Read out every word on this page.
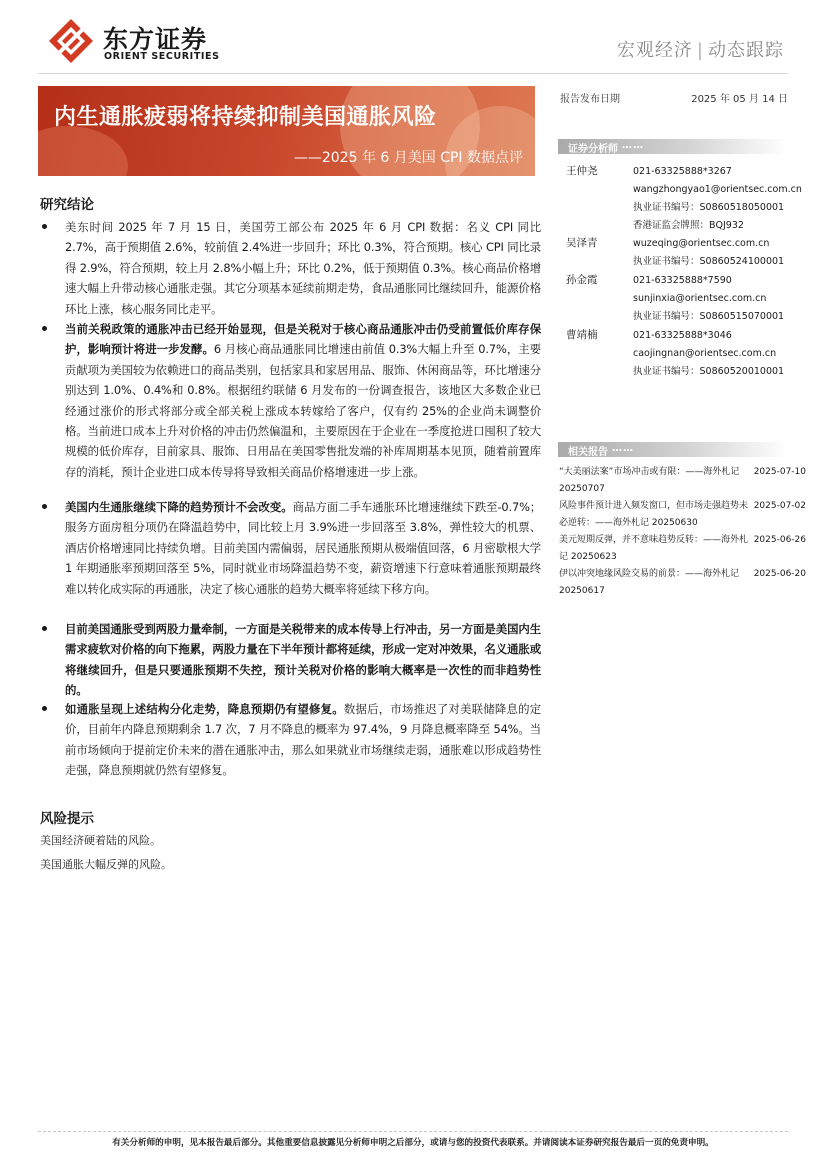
东方证券
ORIENT SECURITIES	宏观经济 | 动态跟踪
内生通胀疲弱将持续抑制美国通胀风险
——2025 年 6 月美国 CPI 数据点评
报告发布日期	2025 年 05 月 14 日
证券分析师 ……
王仲尧	021-63325888*3267
wangzhongyao1@orientsec.com.cn
执业证书编号：S0860518050001
香港证监会牌照：BQJ932
吴泽青	wuzeqing@orientsec.com.cn
执业证书编号：S0860524100001
孙金霞	021-63325888*7590
sunjinxia@orientsec.com.cn
执业证书编号：S0860515070001
曹靖楠	021-63325888*3046
caojingnan@orientsec.com.cn
执业证书编号：S0860520010001
相关报告 ……
“大美丽法案”市场冲击或有限：——海外札记 20250707
2025-07-10
风险事件预计进入频发窗口，但市场走强趋势未必逆转：——海外札记 20250630
2025-07-02
美元短期反弹，并不意味趋势反转：——海外札记 20250623
2025-06-26
伊以冲突地缘风险交易的前景：——海外札记 20250617
2025-06-20
研究结论
美东时间 2025 年 7 月 15 日，美国劳工部公布 2025 年 6 月 CPI 数据：名义 CPI 同比 2.7%，高于预期值 2.6%，较前值 2.4%进一步回升；环比 0.3%，符合预期。核心 CPI 同比录得 2.9%，符合预期，较上月 2.8%小幅上升；环比 0.2%，低于预期值 0.3%。核心商品价格增速大幅上升带动核心通胀走强。其它分项基本延续前期走势，食品通胀同比继续回升，能源价格环比上涨，核心服务同比走平。
当前关税政策的通胀冲击已经开始显现，但是关税对于核心商品通胀冲击仍受前置低价库存保护，影响预计将进一步发酵。6 月核心商品通胀同比增速由前值 0.3%大幅上升至 0.7%，主要贡献项为美国较为依赖进口的商品类别，包括家具和家居用品、服饰、休闲商品等，环比增速分别达到 1.0%、0.4%和 0.8%。根据纽约联储 6 月发布的一份调查报告，该地区大多数企业已经通过涨价的形式将部分或全部关税上涨成本转嫁给了客户，仅有约 25%的企业尚未调整价格。当前进口成本上升对价格的冲击仍然偏温和，主要原因在于企业在一季度抢进口囤积了较大规模的低价库存，目前家具、服饰、日用品在美国零售批发端的补库周期基本见顶，随着前置库存的消耗，预计企业进口成本传导将导致相关商品价格增速进一步上涨。
美国内生通胀继续下降的趋势预计不会改变。商品方面二手车通胀环比增速继续下跌至-0.7%；服务方面房租分项仍在降温趋势中，同比较上月 3.9%进一步回落至 3.8%，弹性较大的机票、酒店价格增速同比持续负增。目前美国内需偏弱，居民通胀预期从极端值回落，6 月密歇根大学 1 年期通胀率预期回落至 5%，同时就业市场降温趋势不变，薪资增速下行意味着通胀预期最终难以转化成实际的再通胀，决定了核心通胀的趋势大概率将延续下移方向。
目前美国通胀受到两股力量牵制，一方面是关税带来的成本传导上行冲击，另一方面是美国内生需求疲软对价格的向下拖累，两股力量在下半年预计都将延续，形成一定对冲效果，名义通胀或将继续回升，但是只要通胀预期不失控，预计关税对价格的影响大概率是一次性的而非趋势性的。
如通胀呈现上述结构分化走势，降息预期仍有望修复。数据后，市场推迟了对美联储降息的定价，目前年内降息预期剩余 1.7 次，7 月不降息的概率为 97.4%，9 月降息概率降至 54%。当前市场倾向于提前定价未来的潜在通胀冲击，那么如果就业市场继续走弱，通胀难以形成趋势性走强，降息预期就仍然有望修复。
风险提示
美国经济硬着陆的风险。
美国通胀大幅反弹的风险。
有关分析师的申明，见本报告最后部分。其他重要信息披露见分析师申明之后部分，或请与您的投资代表联系。并请阅读本证券研究报告最后一页的免责申明。
